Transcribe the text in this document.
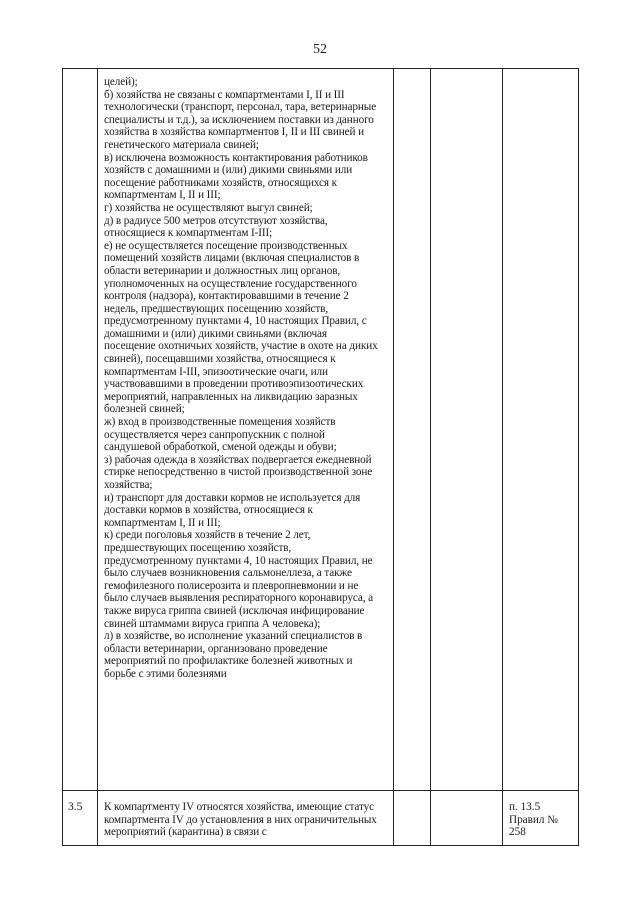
52
целей);
б) хозяйства не связаны с компартментами I, II и III технологически (транспорт, персонал, тара, ветеринарные специалисты и т.д.), за исключением поставки из данного хозяйства в хозяйства компартментов I, II и III свиней и генетического материала свиней;
в) исключена возможность контактирования работников хозяйств с домашними и (или) дикими свиньями или посещение работниками хозяйств, относящихся к компартментам I, II и III;
г) хозяйства не осуществляют выгул свиней;
д) в радиусе 500 метров отсутствуют хозяйства, относящиеся к компартментам I-III;
е) не осуществляется посещение производственных помещений хозяйств лицами (включая специалистов в области ветеринарии и должностных лиц органов, уполномоченных на осуществление государственного контроля (надзора), контактировавшими в течение 2 недель, предшествующих посещению хозяйств, предусмотренному пунктами 4, 10 настоящих Правил, с домашними и (или) дикими свиньями (включая посещение охотничьих хозяйств, участие в охоте на диких свиней), посещавшими хозяйства, относящиеся к компартментам I-III, эпизоотические очаги, или участвовавшими в проведении противоэпизоотических мероприятий, направленных на ликвидацию заразных болезней свиней;
ж) вход в производственные помещения хозяйств осуществляется через санпропускник с полной сандушевой обработкой, сменой одежды и обуви;
з) рабочая одежда в хозяйствах подвергается ежедневной стирке непосредственно в чистой производственной зоне хозяйства;
и) транспорт для доставки кормов не используется для доставки кормов в хозяйства, относящиеся к компартментам I, II и III;
к) среди поголовья хозяйств в течение 2 лет, предшествующих посещению хозяйств, предусмотренному пунктами 4, 10 настоящих Правил, не было случаев возникновения сальмонеллеза, а также гемофилезного полисерозита и плевропневмонии и не было случаев выявления респираторного коронавируса, а также вируса гриппа свиней (исключая инфицирование свиней штаммами вируса гриппа А человека);
л) в хозяйстве, во исполнение указаний специалистов в области ветеринарии, организовано проведение мероприятий по профилактике болезней животных и борьбе с этими болезнями
3.5 К компартменту IV относятся хозяйства, имеющие статус компартмента IV до установления в них ограничительных мероприятий (карантина) в связи с
п. 13.5 Правил № 258
